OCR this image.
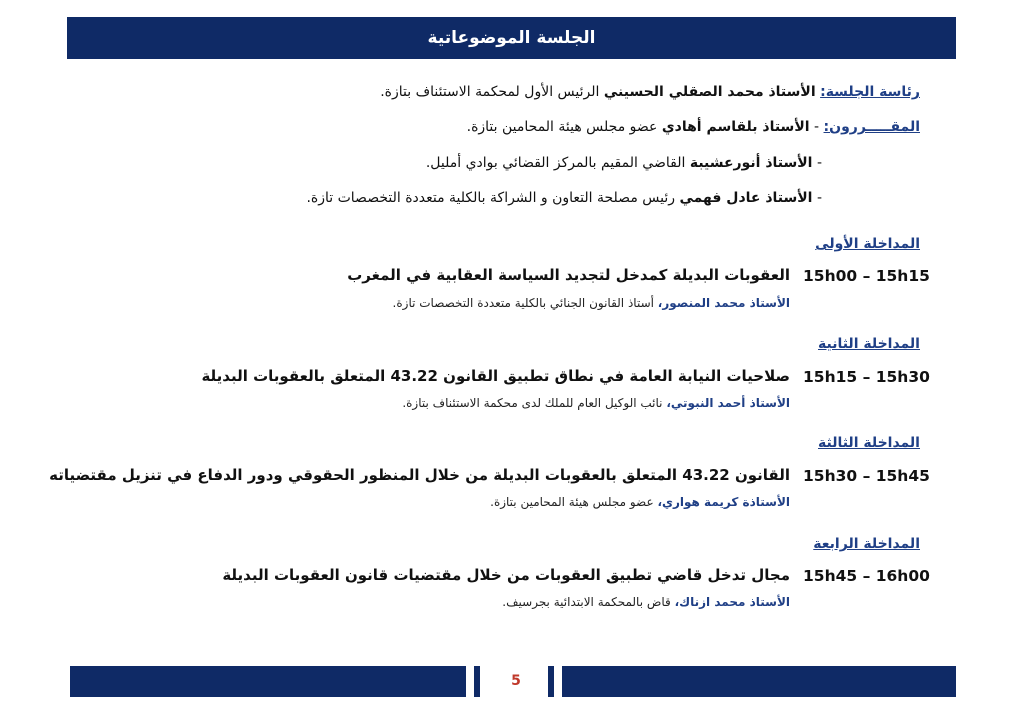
الجلسة الموضوعاتية
رئاسة الجلسة: الأستاذ محمد الصقلي الحسيني الرئيس الأول لمحكمة الاستئناف بتازة.
المقـــــررون: - الأستاذ بلقاسم أهادي عضو مجلس هيئة المحامين بتازة.
- الأستاذ أنورعشيبة القاضي المقيم بالمركز القضائي بوادي أمليل.
- الأستاذ عادل فهمي رئيس مصلحة التعاون و الشراكة بالكلية متعددة التخصصات تازة.
المداخلة الأولى
15h00 – 15h15
العقوبات البديلة كمدخل لتجديد السياسة العقابية في المغرب
الأستاذ محمد المنصور، أستاذ القانون الجنائي بالكلية متعددة التخصصات تازة.
المداخلة الثانية
15h15 – 15h30
صلاحيات النيابة العامة في نطاق تطبيق القانون 43.22 المتعلق بالعقوبات البديلة
الأستاذ أحمد النبوتي، نائب الوكيل العام للملك لدى محكمة الاستئناف بتازة.
المداخلة الثالثة
15h30 – 15h45
القانون 43.22 المتعلق بالعقوبات البديلة من خلال المنظور الحقوقي ودور الدفاع في تنزيل مقتضياته
الأستاذة كريمة هواري، عضو مجلس هيئة المحامين بتازة.
المداخلة الرابعة
15h45 – 16h00
مجال تدخل قاضي تطبيق العقوبات من خلال مقتضيات قانون العقوبات البديلة
الأستاذ محمد ازناك، قاض بالمحكمة الابتدائية بجرسيف.
5
